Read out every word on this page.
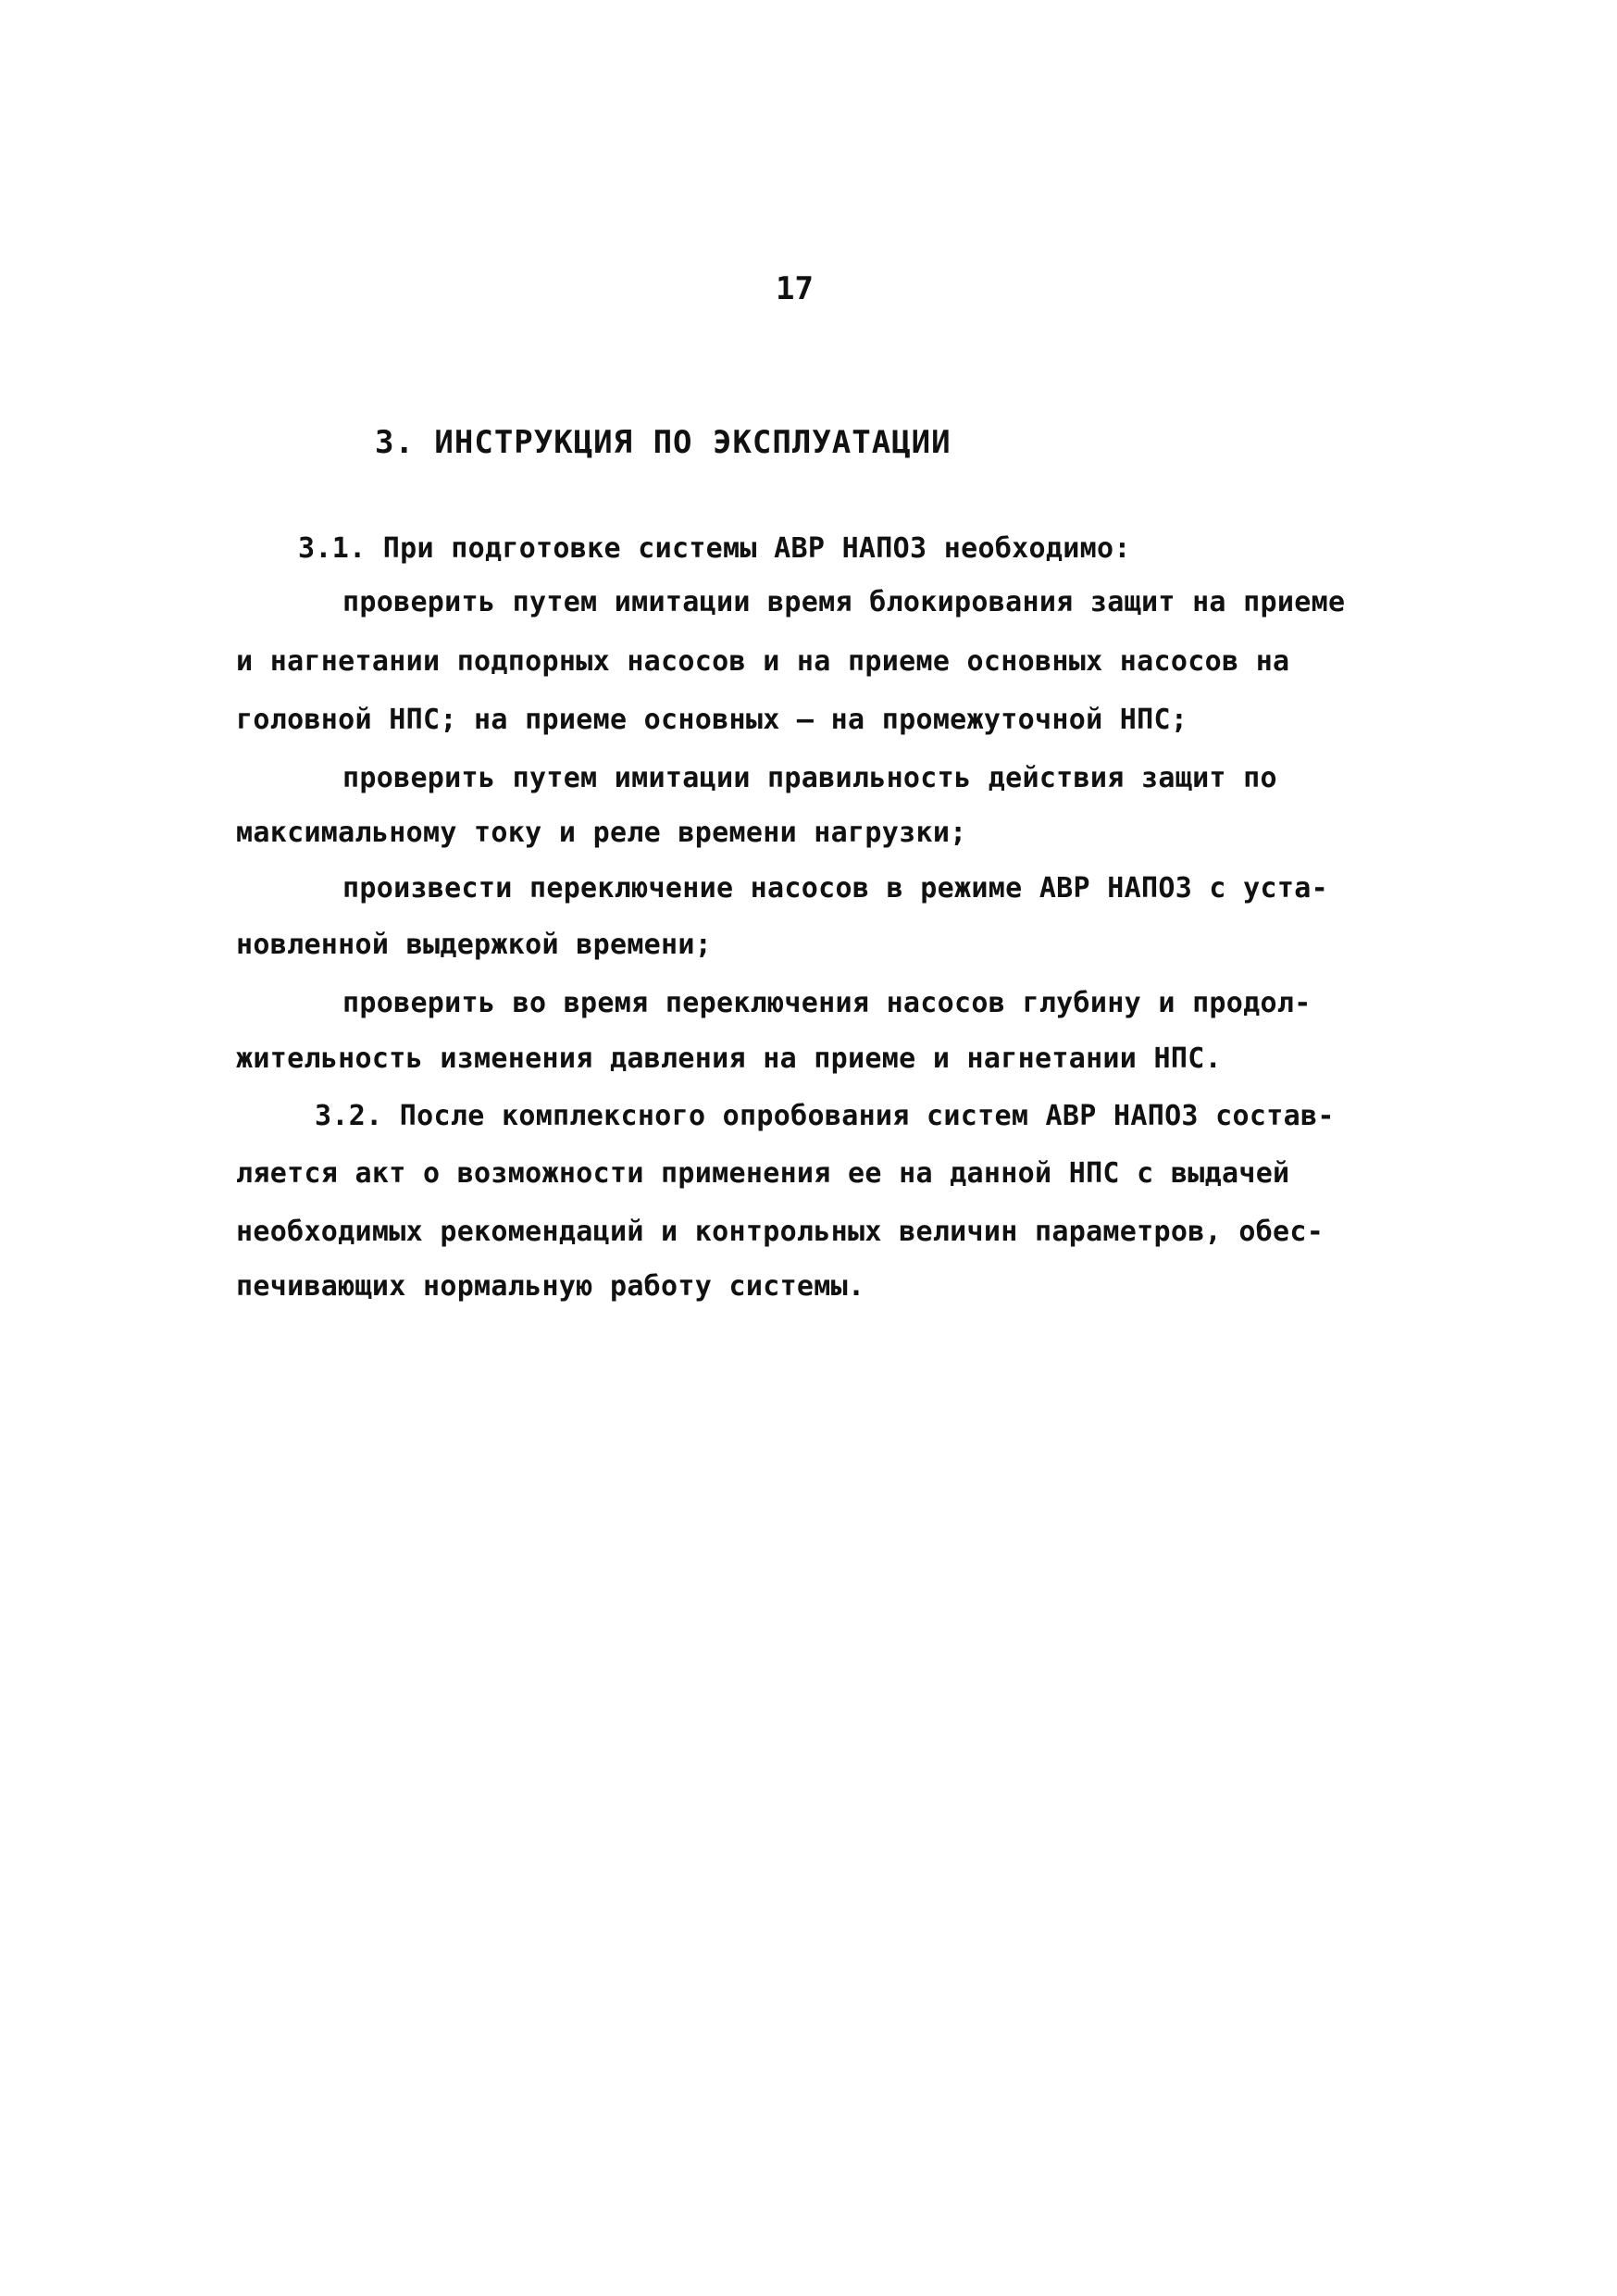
17
3. ИНСТРУКЦИЯ ПО ЭКСПЛУАТАЦИИ
3.1. При подготовке системы АВР НАПОЗ необходимо:
проверить путем имитации время блокирования защит на приеме
и нагнетании подпорных насосов и на приеме основных насосов на
головной НПС; на приеме основных – на промежуточной НПС;
проверить путем имитации правильность действия защит по
максимальному току и реле времени нагрузки;
произвести переключение насосов в режиме АВР НАПОЗ с уста-
новленной выдержкой времени;
проверить во время переключения насосов глубину и продол-
жительность изменения давления на приеме и нагнетании НПС.
3.2. После комплексного опробования систем АВР НАПОЗ состав-
ляется акт о возможности применения ее на данной НПС с выдачей
необходимых рекомендаций и контрольных величин параметров, обес-
печивающих нормальную работу системы.
